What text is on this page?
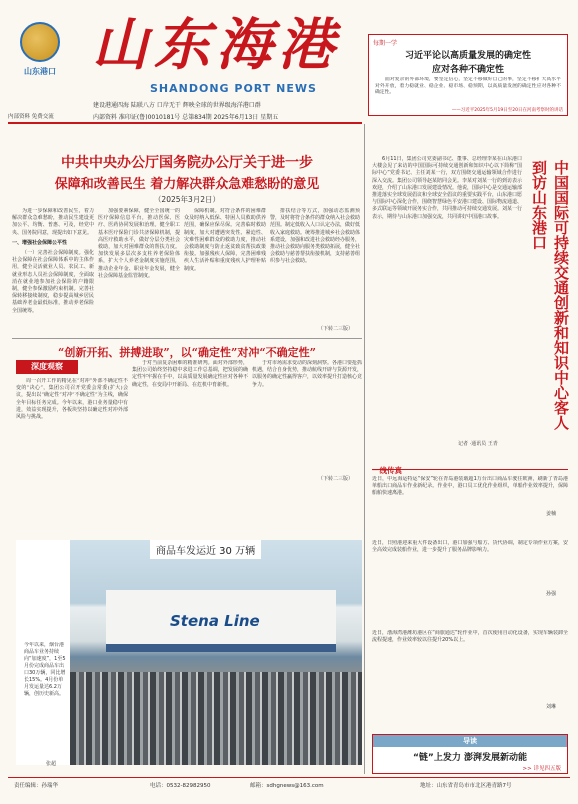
山东港口 山东海港
SHANDONG PORT NEWS
建设港通四海 陆联八方 口岸无干 辉映全球的世界级海洋港口群
内部资料 免费交流	内部资料 准印证(鲁)0010181号 总第834期 2025年6月13日 星期五
每期一学
习近平论以高质量发展的确定性
应对各种不确定性
面对复杂的外部环境，要坚定信心，坚定不移做好自己的事，坚定不移扩大高水平对外开放，着力稳就业、稳企业、稳市场、稳预期，以高质量发展的确定性应对各种不确定性。
——习近平2025年5月19日至20日在河南考察时的讲话
中共中央办公厅国务院办公厅关于进一步
保障和改善民生 着力解决群众急难愁盼的意见
（2025年3月2日）

为进一步保障和改善民生，着力解决群众急难愁盼，推动民生建设更加公平、均衡、普惠、可及，经党中央、国务院同意，现提出如下意见。

一、增强社会保障公平性

（一）完善社会保障制度。强化社会保障在社会保障体系中的主体作用，健全灵活就业人员、农民工、新就业形态人员社会保障制度，全面取消在就业地参加社会保险的户籍限制，健全参保激励约束机制。完善社保转移接续制度，稳步提高城乡居民基础养老金最低标准，推动养老保险全国统筹。

加强要素保障，健全全国统一的医疗保障信息平台，推动医保、医疗、医药协同发展和治理。健全职工基本医疗保险门诊共济保障机制，提高医疗救助水平，做好分层分类社会救助，加大对困难群众的帮扶力度。加快发展多层次多支柱养老保险体系，扩大个人养老金制度实施范围，推动企业年金、职业年金发展，健全社会保障基金监管制度。

保障机制。对符合条件的困难群众及时纳入低保、特困人员救助供养范围，确保应保尽保。完善临时救助制度，加大对遭遇突发性、紧迫性、灾难性困难群众的救助力度，推动社会救助制度与防止返贫致贫帮扶政策衔接。加强残疾人保障，完善困难残疾人生活补贴和重度残疾人护理补贴制度。

排扶结合等方式，加强动态监测预警，及时将符合条件的群众纳入社会救助范围。制定低收入人口认定办法，做好低收入家庭救助。统筹推进城乡社会救助体系建设，加强和改进社会救助经办服务，推动社会救助向服务类救助拓展，健全社会救助与慈善帮扶衔接机制，支持慈善组织参与社会救助。

（下转二三版）
“创新开拓、拼搏进取”，以“确定性”对冲“不确定性”
深度观察

周一召开工作的精见在“对冲”外部不确定性不变的“决心”，集团公司召开党委会常委(扩大)会议，提出以“确定性”对冲“不确定性”为主线，确保全年目标任务完成。今年以来，港口业务量稳中有进，效益实现提升，各板块坚持以确定性对冲外部风险与挑战。

于对当前复杂困难的精准研判。面对外部形势，集团公司始终坚持稳中求进工作总基调，把发展的确定性牢牢握在手中，以高质量发展确定性应对各种不确定性，在变局中开新局、在危机中育新机。

于对市场需求变动的深刻洞察。各港口要抢抓机遇，结合自身优势，推动航线开辟与货源开发，以服务的确定性赢得客户，以效率提升打造核心竞争力。

（下转二三版）
Stena Line
商品车发运近 30 万辆
今年以来，烟台港商品车业务持续向“加速度”，1至5月份完成商品车出口30万辆，同比增长15%。4月份单月发运量达6.2万辆，创历史新高。
张超
6月11日，集团公司党委副书记、董事、总经理李某在山东港口大楼会见了来访的中国国际可持续交通创新和知识中心以下简称“国际中心”党委书记、主任刘某一行，双方围绕交通运输领域合作进行深入交流。集团公司领导赵某陪同会见。李某对刘某一行的到访表示欢迎，介绍了山东港口发展建设情况。他说，国际中心是交通运输部推进落实全球发展倡议和全球安全倡议的重要实践平台，山东港口愿与国际中心深化合作，围绕智慧绿色平安港口建设、国际物流通道、多式联运等领域开展务实合作，共同推动可持续交通发展。刘某一行表示，期待与山东港口加强交流，共同讲好中国港口故事。	中国国际可持续交通创新和知识中心客人到访山东港口
记者 ·通讯员 王青
一线传真
近日，中远海运特运“保安”轮在青岛港装载超1万台出口商品车驶往欧洲，刷新了青岛港单船出口商品车作业新纪录。作业中，港口员工优化作业组织，单船作业效率提升，保障船舶快速离港。
姜楠
近日，日照港迎来重大件设备出口，港口加强与船方、货代协调，制定专项作业方案，安全高效完成装船作业，进一步提升了服务品牌影响力。
孙强
近日，渤海湾港潍坊港区在“商旅通达”轮作业中，首次使用自动化设备，实现车辆装卸全流程提速，作业效率较以往提升20%以上。
刘琳
导读
“链”上发力 澎湃发展新动能
>> 详见四五版
责任编辑：孙瑞华	电话：0532-82982950	邮箱：sdhgnews@163.com	地址：山东省青岛市市北区港青路7号
